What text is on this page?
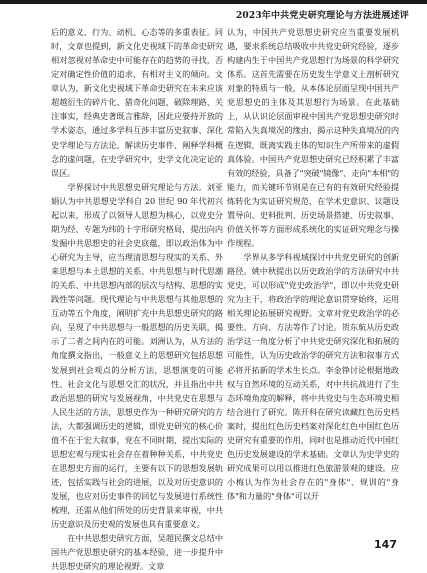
2023年中共党史研究理论与方法进展述评

后的意义、行为、动机、心态等的多重表征。同时，文章也提到，新文化史视域下的革命史研究相对忽视对革命史中可能存在的趋势的寻找，否定对确定性价值的追求，有相对主义的倾向。文章认为，新文化史视域下革命史研究在未来应该超越衍生的碎片化、猎奇化问题，破除理路、关注事实，经典史著既言雅辞，因此应要持开放的学术姿态，通过多学科互涉丰富历史叙事、深化史学理论与方法论，解读历史事件、阐释学科概念的虚问题，在史学研究中，史学文化决定论的误区。

学界探讨中共思想史研究理论与方法。刘亚娟认为中共思想史学科自 20 世纪 90 年代初兴起以来，形成了以领导人思想为核心，以党史分期为经、专题为纬的十字形研究格局，提出向内发掘中共思想史的社会史底蕴，即以政治体为中心研究为主导，应当理清思想与现实的关系、外来思想与本土思想的关系、中共思想与时代思潮的关系、中共思想内部的层次与结构、思想的实践性等问题。现代理论与中共思想与其他思想的互动等五个角度，阐明扩充中共思想史研究的路向，呈现了中共思想与一般思想的历史关联，揭示了二者之间内在的可能。刘洲认为，从方法的角度撰文指出，一般意义上的思想研究包括思想发展到社会观点的分析方法，思想演变的可能性、社会文化与思想交汇的状况，并且指出中共政治思想的研究与发展视角，中共党史在思想与人民生活的方法，思想史作为一种研究研究的方法，大都强调历史的逻辑，即党史研究的核心价值不在于宏大叙事，党在不同时期，提出实际的思想宏观与现实社会存在着种种关系，中共党史在思想史方面的运行，主要有以下的思想发展轨迹，包括实践与社会的进展，以及对历史意识的发展，也应对历史事件的回忆与发展进行系统性梳理，还需从他们所处的历史背景来审视，中共历史意识及历史观的发展也具有重要意义。

在中共思想史研究方面，吴超民撰文总结中国共产党思想史研究的基本经验，进一步提升中共思想史研究的理论视野。文章

认为，中国共产党思想史研究应当重要发展机遇，要求系统总结吸收中共党史研究经验，逐步构建内生于中国共产党思想行为场景的科学研究体系。这首先需要在历史发生学意义上剖析研究对象的特质与一般，从本体论层面呈现中国共产党思想史的主体及其思想行为场景。在此基础上，从认识论层面审视中国共产党思想史研究时常陷入失真境况的缘由，揭示这种失真境况的内在逻辑，既离实践主体的知识生产所带来的虚假真体验。中国共产党思想史研究已经积累了丰富有效的经验，具备了"突破"镜像"、走向"本相"的能力，而关键环节则是在已有的有效研究经验提炼转化为实证研究规范，在学术史意识、议题设置导向、史料批判、历史场景搭建、历史叙事、价值关怀等方面形成系统化的实证研究理念与操作规程。

学界从多学科视域探讨中共党史研究的创新路径。姚中秋提出以历史政治学的方法研究中共党史，可以形成"党史政治学"，即以中共党史研究为主干，将政治学的理论意识贯穿始终，运用相关理论拓展研究视野。文章对党史政治学的必要性、方向、方法等作了讨论。贺东航从历史政治学这一角度分析了中共党史研究深化和拓展的可能性，认为历史政治学的研究方法和叙事方式必将开拓新的学术生长点。李金铮讨论根据地政权与自然环境的互动关系，对中共抗战进行了生态环境角度的解释，将中共党史与生态环境史相结合进行了研究。陈开科在研究读藏红色历史档案时，提出红色历史档案对深化红色中国红色历史研究有重要的作用，同时也是推动近代中国红色历史发展建设的学术基础。文章认为史学史的研究成果可以用以推进红色旅游景观的建设。应小梅认为作为社会存在的"身体"、规训的"身体"和力量的"身体"可以开

147
